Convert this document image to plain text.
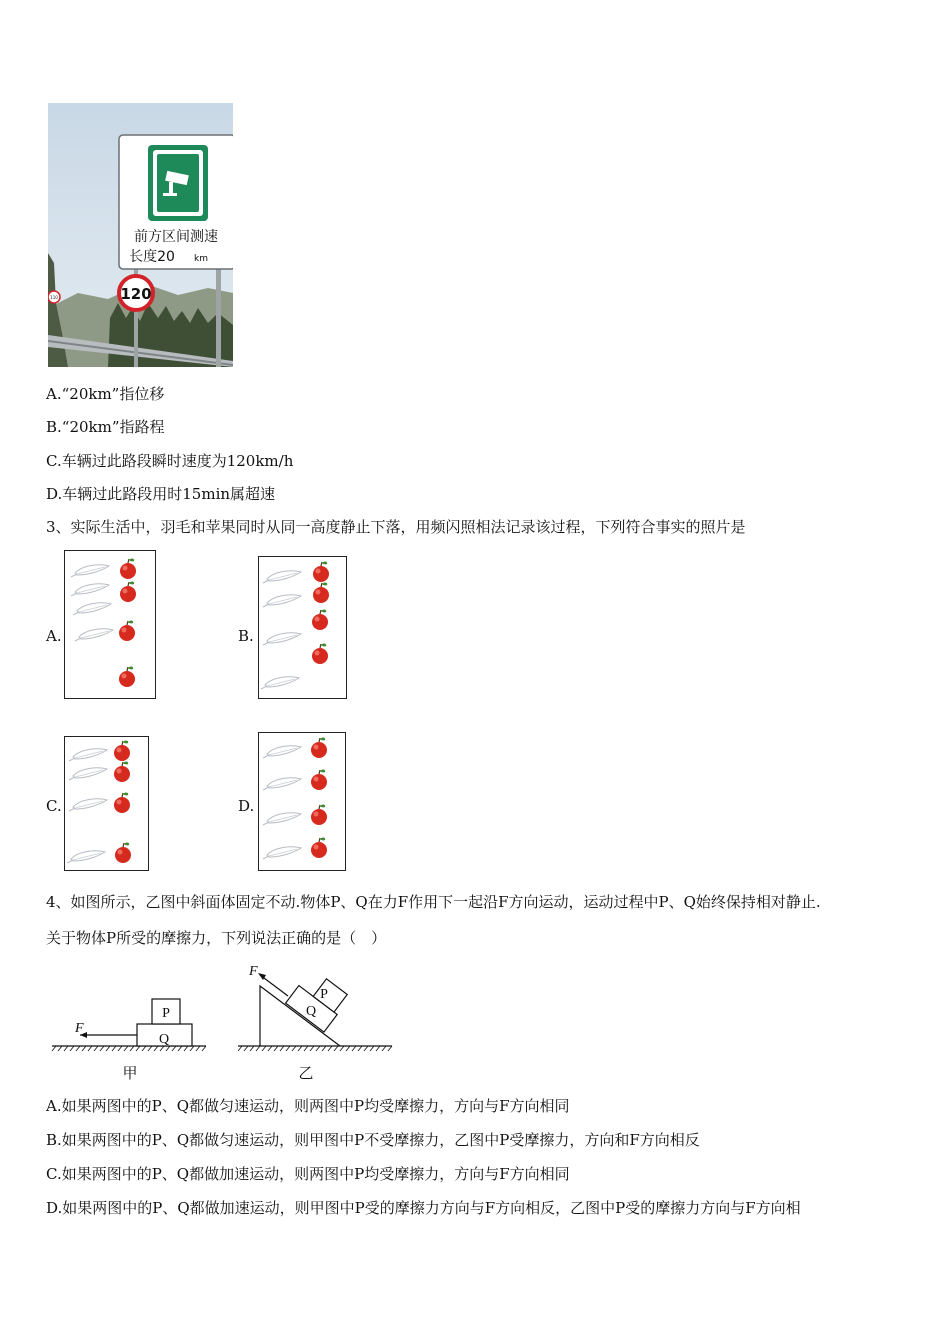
前方区间测速
长度20 km
120
110
A.“20km”指位移
B.“20km”指路程
C.车辆过此路段瞬时速度为120km/h
D.车辆过此路段用时15min属超速
3、实际生活中，羽毛和苹果同时从同一高度静止下落，用频闪照相法记录该过程，下列符合事实的照片是
A.	B.
C.	D.
4、如图所示，乙图中斜面体固定不动.物体P、Q在力F作用下一起沿F方向运动，运动过程中P、Q始终保持相对静止.
关于物体P所受的摩擦力，下列说法正确的是（　）
Q
P
F
甲
Q
P
F
乙
A.如果两图中的P、Q都做匀速运动，则两图中P均受摩擦力，方向与F方向相同
B.如果两图中的P、Q都做匀速运动，则甲图中P不受摩擦力，乙图中P受摩擦力，方向和F方向相反
C.如果两图中的P、Q都做加速运动，则两图中P均受摩擦力，方向与F方向相同
D.如果两图中的P、Q都做加速运动，则甲图中P受的摩擦力方向与F方向相反，乙图中P受的摩擦力方向与F方向相
